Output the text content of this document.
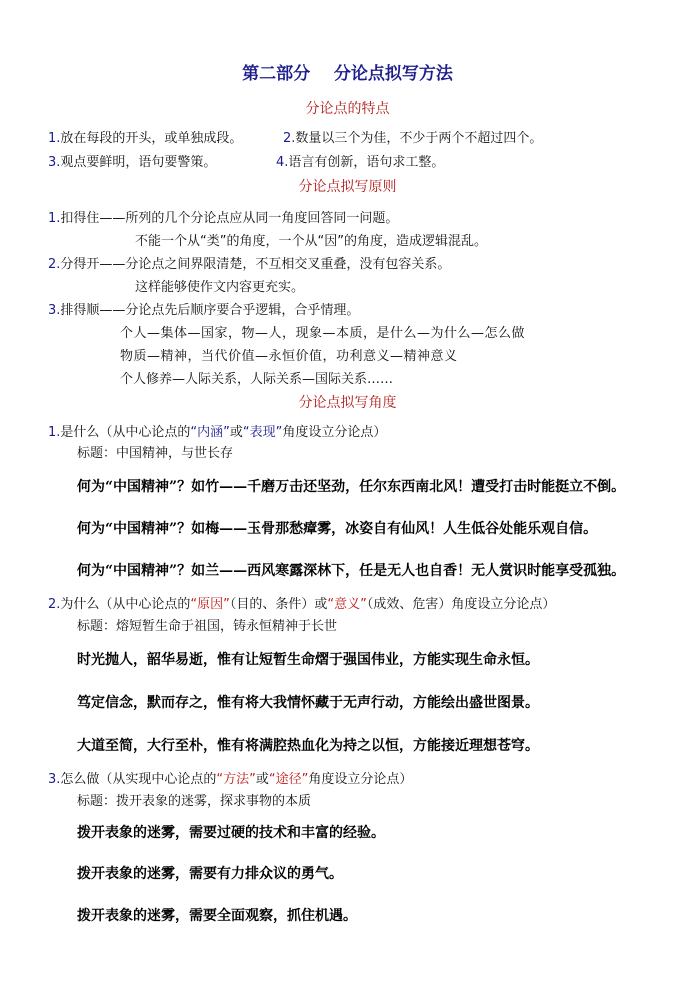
第二部分    分论点拟写方法
分论点的特点
1.放在每段的开头，或单独成段。	2.数量以三个为佳，不少于两个不超过四个。
3.观点要鲜明，语句要警策。	4.语言有创新，语句求工整。
分论点拟写原则
1.扣得住——所列的几个分论点应从同一角度回答同一问题。
不能一个从“类”的角度，一个从“因”的角度，造成逻辑混乱。
2.分得开——分论点之间界限清楚，不互相交叉重叠，没有包容关系。
这样能够使作文内容更充实。
3.排得顺——分论点先后顺序要合乎逻辑，合乎情理。
个人—集体—国家，物—人，现象—本质，是什么—为什么—怎么做
物质—精神，当代价值—永恒价值，功利意义—精神意义
个人修养—人际关系，人际关系—国际关系……
分论点拟写角度
1.是什么（从中心论点的“内涵”或“表现”角度设立分论点）
标题：中国精神，与世长存
何为“中国精神”？如竹——千磨万击还坚劲，任尔东西南北风！遭受打击时能挺立不倒。
何为“中国精神”？如梅——玉骨那愁瘴雾，冰姿自有仙风！人生低谷处能乐观自信。
何为“中国精神”？如兰——西风寒露深林下，任是无人也自香！无人赏识时能享受孤独。
2.为什么（从中心论点的“原因”（目的、条件）或“意义”（成效、危害）角度设立分论点）
标题：熔短暂生命于祖国，铸永恒精神于长世
时光抛人，韶华易逝，惟有让短暂生命熠于强国伟业，方能实现生命永恒。
笃定信念，默而存之，惟有将大我情怀藏于无声行动，方能绘出盛世图景。
大道至简，大行至朴，惟有将满腔热血化为持之以恒，方能接近理想苍穹。
3.怎么做（从实现中心论点的“方法”或“途径”角度设立分论点）
标题：拨开表象的迷雾，探求事物的本质
拨开表象的迷雾，需要过硬的技术和丰富的经验。
拨开表象的迷雾，需要有力排众议的勇气。
拨开表象的迷雾，需要全面观察，抓住机遇。
